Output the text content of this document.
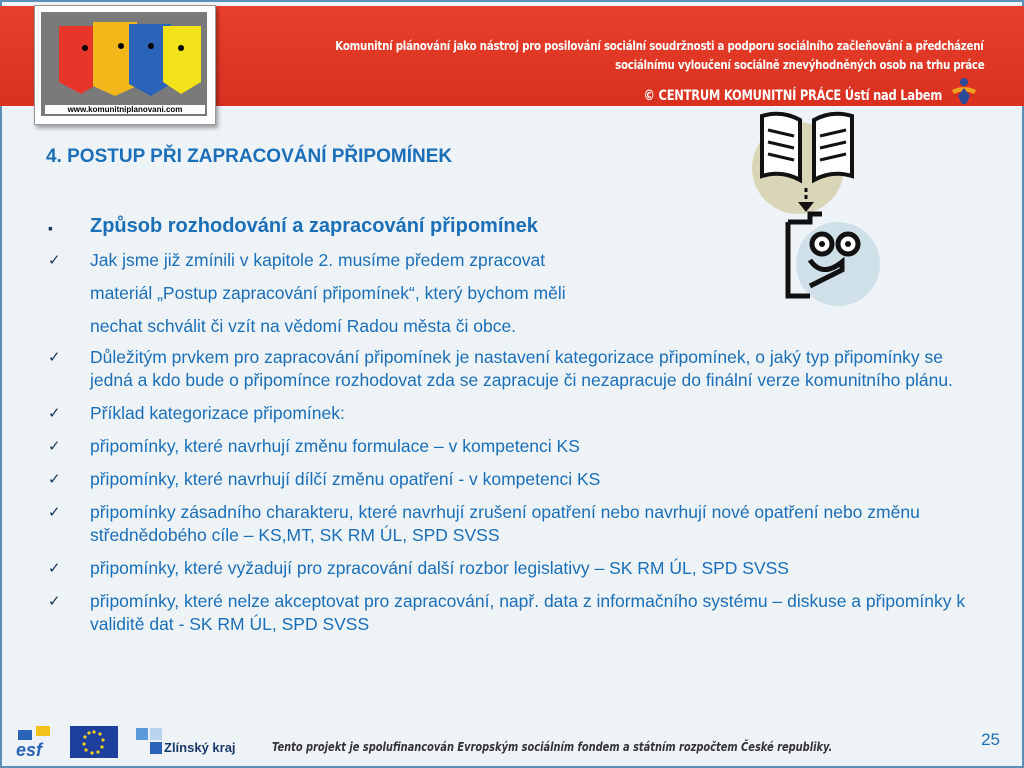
Komunitní plánování jako nástroj pro posilování sociální soudržnosti a podporu sociálního začleňování a předcházení
sociálnímu vyloučení sociálně znevýhodněných osob na trhu práce
© CENTRUM KOMUNITNÍ PRÁCE Ústí nad Labem
www.komunitniplanovani.com
4. POSTUP PŘI ZAPRACOVÁNÍ PŘIPOMÍNEK
▪ Způsob rozhodování a zapracování připomínek
✓ Jak jsme již zmínili v kapitole 2. musíme předem zpracovat
materiál „Postup zapracování připomínek“, který bychom měli
nechat schválit či vzít na vědomí Radou města či obce.
✓ Důležitým prvkem pro zapracování připomínek je nastavení kategorizace připomínek, o jaký typ připomínky se jedná a kdo bude o připomínce rozhodovat zda se zapracuje či nezapracuje do finální verze komunitního plánu.
✓ Příklad kategorizace připomínek:
✓ připomínky, které navrhují změnu formulace – v kompetenci KS
✓ připomínky, které navrhují dílčí změnu opatření - v kompetenci KS
✓ připomínky zásadního charakteru, které navrhují zrušení opatření nebo navrhují nové opatření nebo změnu střednědobého cíle – KS,MT, SK RM ÚL, SPD SVSS
✓ připomínky, které vyžadují pro zpracování další rozbor legislativy – SK RM ÚL, SPD SVSS
✓ připomínky, které nelze akceptovat pro zapracování, např. data z informačního systému – diskuse a připomínky k validitě dat - SK RM ÚL, SPD SVSS
esf	Zlínský kraj	Tento projekt je spolufinancován Evropským sociálním fondem a státním rozpočtem České republiky.	25
